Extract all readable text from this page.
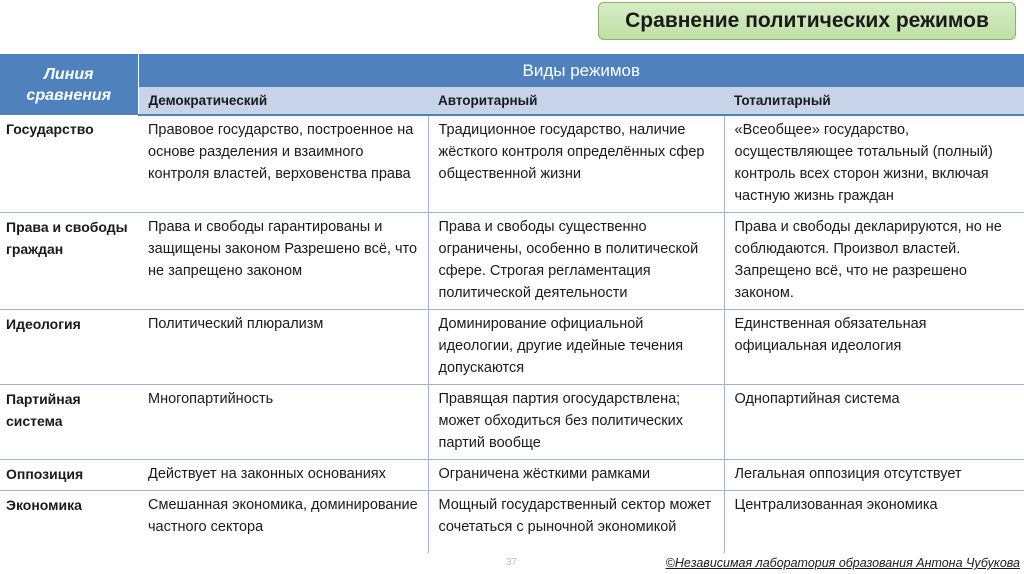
Сравнение политических режимов
Линия сравнения	Виды режимов		
	Демократический	Авторитарный	Тоталитарный
Государство	Правовое государство, построенное на основе разделения и взаимного контроля властей, верховенства права	Традиционное государство, наличие жёсткого контроля определённых сфер общественной жизни	«Всеобщее» государство, осуществляющее тотальный (полный) контроль всех сторон жизни, включая частную жизнь граждан
Права и свободы граждан	Права и свободы гарантированы и защищены законом Разрешено всё, что не запрещено законом	Права и свободы существенно ограничены, особенно в политической сфере. Строгая регламентация политической деятельности	Права и свободы декларируются, но не соблюдаются. Произвол властей. Запрещено всё, что не разрешено законом.
Идеология	Политический плюрализм	Доминирование официальной идеологии, другие идейные течения допускаются	Единственная обязательная официальная идеология
Партийная система	Многопартийность	Правящая партия огосударствлена; может обходиться без политических партий вообще	Однопартийная система
Оппозиция	Действует на законных основаниях	Ограничена жёсткими рамками	Легальная оппозиция отсутствует
Экономика	Смешанная экономика, доминирование частного сектора	Мощный государственный сектор может сочетаться с рыночной экономикой	Централизованная экономика
37	©Независимая лаборатория образования Антона Чубукова
